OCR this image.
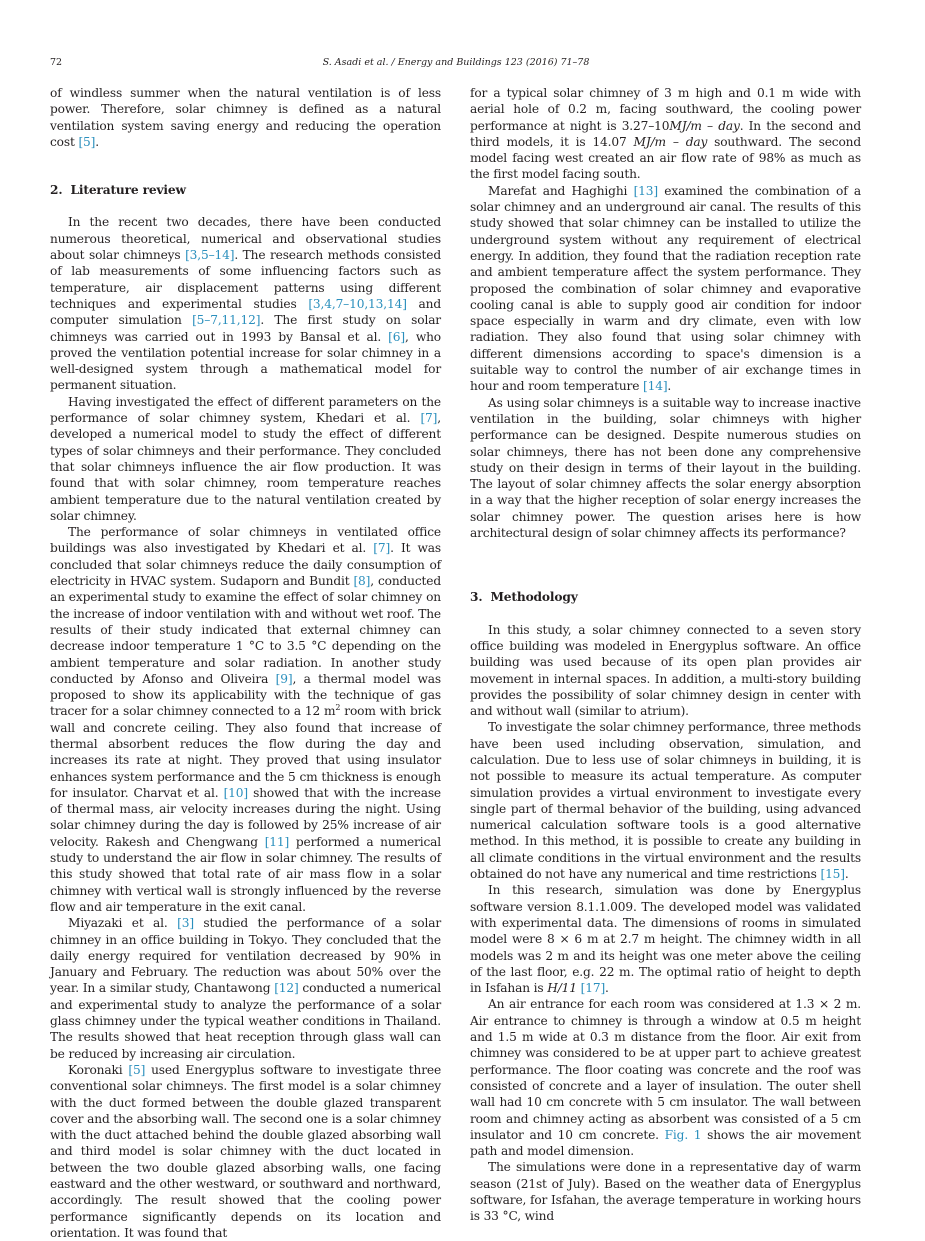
72	S. Asadi et al. / Energy and Buildings 123 (2016) 71–78

of windless summer when the natural ventilation is of less power. Therefore, solar chimney is defined as a natural ventilation system saving energy and reducing the operation cost [5].

2. Literature review

In the recent two decades, there have been conducted numerous theoretical, numerical and observational studies about solar chimneys [3,5–14]. The research methods consisted of lab measurements of some influencing factors such as temperature, air displacement patterns using different techniques and experimental studies [3,4,7–10,13,14] and computer simulation [5–7,11,12]. The first study on solar chimneys was carried out in 1993 by Bansal et al. [6], who proved the ventilation potential increase for solar chimney in a well-designed system through a mathematical model for permanent situation.

Having investigated the effect of different parameters on the performance of solar chimney system, Khedari et al. [7], developed a numerical model to study the effect of different types of solar chimneys and their performance. They concluded that solar chimneys influence the air flow production. It was found that with solar chimney, room temperature reaches ambient temperature due to the natural ventilation created by solar chimney.

The performance of solar chimneys in ventilated office buildings was also investigated by Khedari et al. [7]. It was concluded that solar chimneys reduce the daily consumption of electricity in HVAC system. Sudaporn and Bundit [8], conducted an experimental study to examine the effect of solar chimney on the increase of indoor ventilation with and without wet roof. The results of their study indicated that external chimney can decrease indoor temperature 1 °C to 3.5 °C depending on the ambient temperature and solar radiation. In another study conducted by Afonso and Oliveira [9], a thermal model was proposed to show its applicability with the technique of gas tracer for a solar chimney connected to a 12 $m^2$ room with brick wall and concrete ceiling. They also found that increase of thermal absorbent reduces the flow during the day and increases its rate at night. They proved that using insulator enhances system performance and the 5 cm thickness is enough for insulator. Charvat et al. [10] showed that with the increase of thermal mass, air velocity increases during the night. Using solar chimney during the day is followed by 25% increase of air velocity. Rakesh and Chengwang [11] performed a numerical study to understand the air flow in solar chimney. The results of this study showed that total rate of air mass flow in a solar chimney with vertical wall is strongly influenced by the reverse flow and air temperature in the exit canal.

Miyazaki et al. [3] studied the performance of a solar chimney in an office building in Tokyo. They concluded that the daily energy required for ventilation decreased by 90% in January and February. The reduction was about 50% over the year. In a similar study, Chantawong [12] conducted a numerical and experimental study to analyze the performance of a solar glass chimney under the typical weather conditions in Thailand. The results showed that heat reception through glass wall can be reduced by increasing air circulation.

Koronaki [5] used Energyplus software to investigate three conventional solar chimneys. The first model is a solar chimney with the duct formed between the double glazed transparent cover and the absorbing wall. The second one is a solar chimney with the duct attached behind the double glazed absorbing wall and third model is solar chimney with the duct located in between the two double glazed absorbing walls, one facing eastward and the other westward, or southward and northward, accordingly. The result showed that the cooling power performance significantly depends on its location and orientation. It was found that

for a typical solar chimney of 3 m high and 0.1 m wide with aerial hole of 0.2 m, facing southward, the cooling power performance at night is 3.27–10MJ/m – day. In the second and third models, it is 14.07 MJ/m – day southward. The second model facing west created an air flow rate of 98% as much as the first model facing south.

Marefat and Haghighi [13] examined the combination of a solar chimney and an underground air canal. The results of this study showed that solar chimney can be installed to utilize the underground system without any requirement of electrical energy. In addition, they found that the radiation reception rate and ambient temperature affect the system performance. They proposed the combination of solar chimney and evaporative cooling canal is able to supply good air condition for indoor space especially in warm and dry climate, even with low radiation. They also found that using solar chimney with different dimensions according to space's dimension is a suitable way to control the number of air exchange times in hour and room temperature [14].

As using solar chimneys is a suitable way to increase inactive ventilation in the building, solar chimneys with higher performance can be designed. Despite numerous studies on solar chimneys, there has not been done any comprehensive study on their design in terms of their layout in the building. The layout of solar chimney affects the solar energy absorption in a way that the higher reception of solar energy increases the solar chimney power. The question arises here is how architectural design of solar chimney affects its performance?

3. Methodology

In this study, a solar chimney connected to a seven story office building was modeled in Energyplus software. An office building was used because of its open plan provides air movement in internal spaces. In addition, a multi-story building provides the possibility of solar chimney design in center with and without wall (similar to atrium).

To investigate the solar chimney performance, three methods have been used including observation, simulation, and calculation. Due to less use of solar chimneys in building, it is not possible to measure its actual temperature. As computer simulation provides a virtual environment to investigate every single part of thermal behavior of the building, using advanced numerical calculation software tools is a good alternative method. In this method, it is possible to create any building in all climate conditions in the virtual environment and the results obtained do not have any numerical and time restrictions [15].

In this research, simulation was done by Energyplus software version 8.1.1.009. The developed model was validated with experimental data. The dimensions of rooms in simulated model were 8 × 6 m at 2.7 m height. The chimney width in all models was 2 m and its height was one meter above the ceiling of the last floor, e.g. 22 m. The optimal ratio of height to depth in Isfahan is H/11 [17].

An air entrance for each room was considered at 1.3 × 2 m. Air entrance to chimney is through a window at 0.5 m height and 1.5 m wide at 0.3 m distance from the floor. Air exit from chimney was considered to be at upper part to achieve greatest performance. The floor coating was concrete and the roof was consisted of concrete and a layer of insulation. The outer shell wall had 10 cm concrete with 5 cm insulator. The wall between room and chimney acting as absorbent was consisted of a 5 cm insulator and 10 cm concrete. Fig. 1 shows the air movement path and model dimension.

The simulations were done in a representative day of warm season (21st of July). Based on the weather data of Energyplus software, for Isfahan, the average temperature in working hours is 33 °C, wind
